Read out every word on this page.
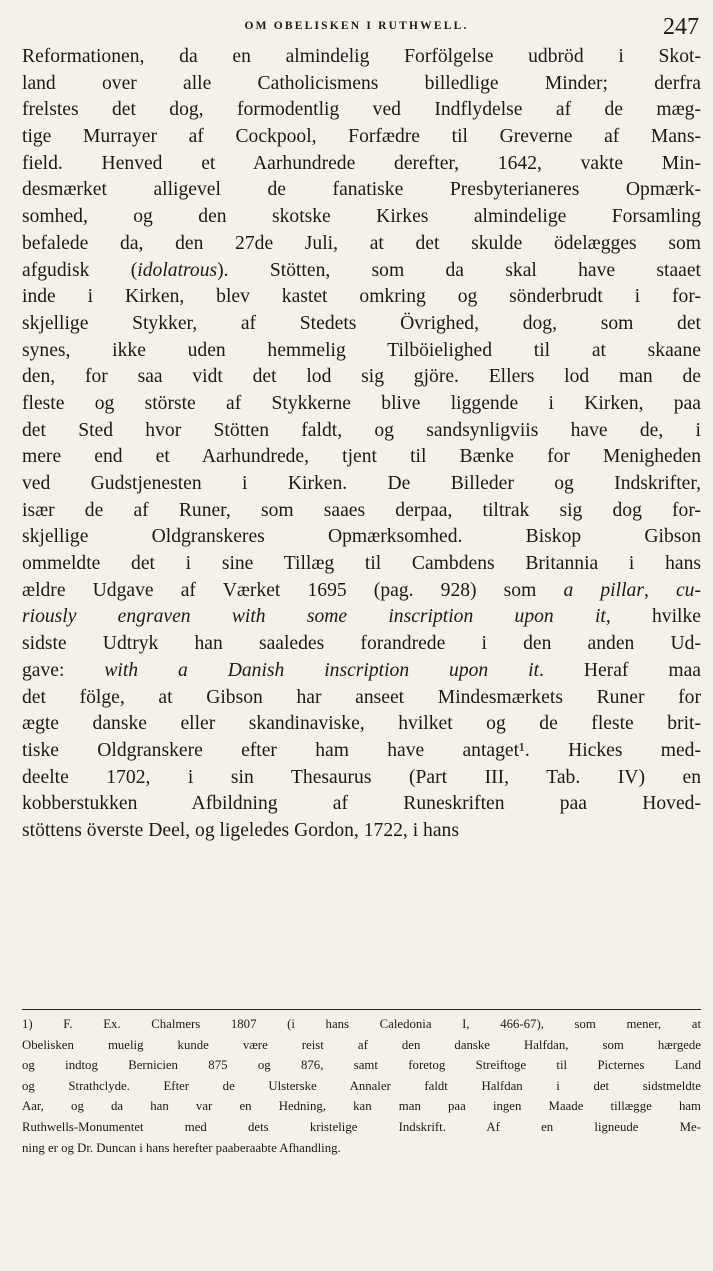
OM OBELISKEN I RUTHWELL.	247
Reformationen, da en almindelig Forfölgelse udbröd i Skot-
land over alle Catholicismens billedlige Minder; derfra
frelstes det dog, formodentlig ved Indflydelse af de mæg-
tige Murrayer af Cockpool, Forfædre til Greverne af Mans-
field. Henved et Aarhundrede derefter, 1642, vakte Min-
desmærket alligevel de fanatiske Presbyterianeres Opmærk-
somhed, og den skotske Kirkes almindelige Forsamling
befalede da, den 27de Juli, at det skulde ödelægges som
afgudisk (idolatrous). Stötten, som da skal have staaet
inde i Kirken, blev kastet omkring og sönderbrudt i for-
skjellige Stykker, af Stedets Övrighed, dog, som det
synes, ikke uden hemmelig Tilböielighed til at skaane
den, for saa vidt det lod sig gjöre. Ellers lod man de
fleste og störste af Stykkerne blive liggende i Kirken, paa
det Sted hvor Stötten faldt, og sandsynligviis have de, i
mere end et Aarhundrede, tjent til Bænke for Menigheden
ved Gudstjenesten i Kirken. De Billeder og Indskrifter,
især de af Runer, som saaes derpaa, tiltrak sig dog for-
skjellige Oldgranskeres Opmærksomhed. Biskop Gibson
ommeldte det i sine Tillæg til Cambdens Britannia i hans
ældre Udgave af Værket 1695 (pag. 928) som a pillar, cu-
riously engraven with some inscription upon it, hvilke
sidste Udtryk han saaledes forandrede i den anden Ud-
gave: with a Danish inscription upon it. Heraf maa
det fölge, at Gibson har anseet Mindesmærkets Runer for
ægte danske eller skandinaviske, hvilket og de fleste brit-
tiske Oldgranskere efter ham have antaget¹. Hickes med-
deelte 1702, i sin Thesaurus (Part III, Tab. IV) en
kobberstukken Afbildning af Runeskriften paa Hoved-
stöttens överste Deel, og ligeledes Gordon, 1722, i hans
1) F. Ex. Chalmers 1807 (i hans Caledonia I, 466-67), som mener, at
Obelisken muelig kunde være reist af den danske Halfdan, som hærgede
og indtog Bernicien 875 og 876, samt foretog Streiftoge til Picternes Land
og Strathclyde. Efter de Ulsterske Annaler faldt Halfdan i det sidstmeldte
Aar, og da han var en Hedning, kan man paa ingen Maade tillægge ham
Ruthwells-Monumentet med dets kristelige Indskrift. Af en ligneude Me-
ning er og Dr. Duncan i hans herefter paaberaabte Afhandling.
